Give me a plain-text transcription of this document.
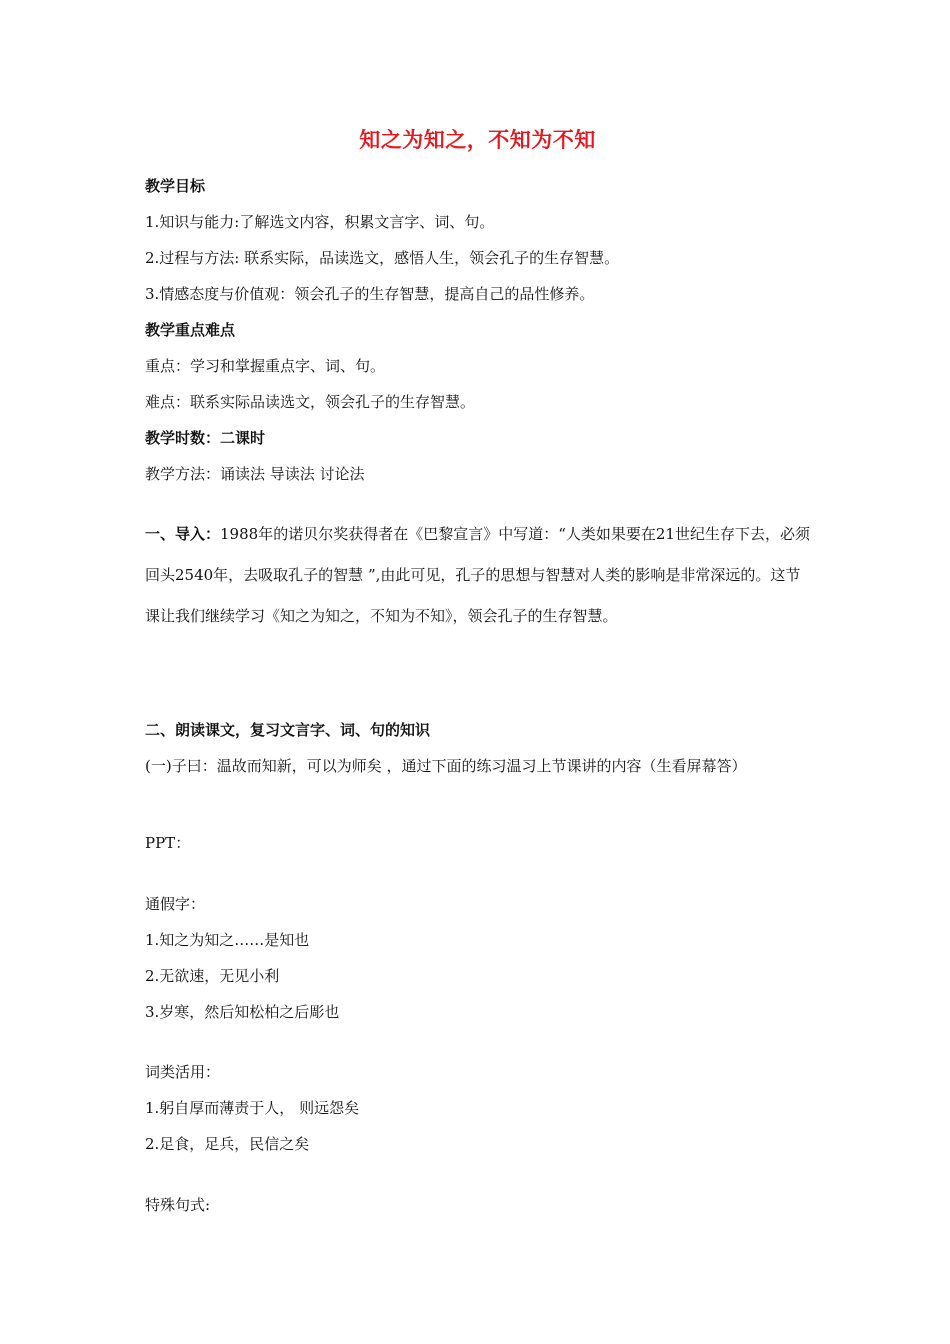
知之为知之，不知为不知
教学目标
1.知识与能力:了解选文内容，积累文言字、词、句。
2.过程与方法: 联系实际，品读选文，感悟人生，领会孔子的生存智慧。
3.情感态度与价值观：领会孔子的生存智慧，提高自己的品性修养。
教学重点难点
重点：学习和掌握重点字、词、句。
难点：联系实际品读选文，领会孔子的生存智慧。
教学时数：二课时
教学方法：诵读法 导读法 讨论法
一、导入：1988年的诺贝尔奖获得者在《巴黎宣言》中写道：“人类如果要在21世纪生存下去，必须回头2540年，去吸取孔子的智慧 ”,由此可见，孔子的思想与智慧对人类的影响是非常深远的。这节课让我们继续学习《知之为知之，不知为不知》，领会孔子的生存智慧。
二、朗读课文，复习文言字、词、句的知识
(一)子曰：温故而知新，可以为师矣 ，通过下面的练习温习上节课讲的内容（生看屏幕答）
PPT：
通假字：
1.知之为知之……是知也
2.无欲速，无见小利
3.岁寒，然后知松柏之后彫也
词类活用：
1.躬自厚而薄责于人， 则远怨矣
2.足食，足兵，民信之矣
特殊句式:
